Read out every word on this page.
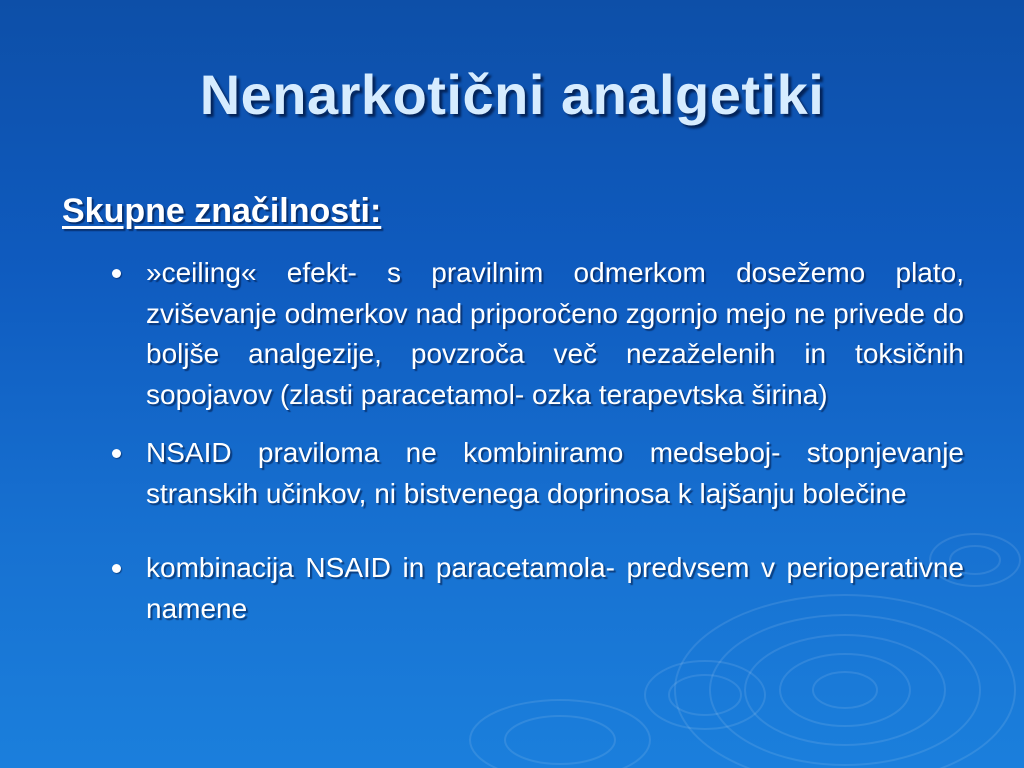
Nenarkotični analgetiki
Skupne značilnosti:
»ceiling« efekt- s pravilnim odmerkom dosežemo plato, zviševanje odmerkov nad priporočeno zgornjo mejo ne privede do boljše analgezije, povzroča več nezaželenih in toksičnih sopojavov (zlasti paracetamol- ozka terapevtska širina)
NSAID praviloma ne kombiniramo medseboj- stopnjevanje stranskih učinkov, ni bistvenega doprinosa k lajšanju bolečine
kombinacija NSAID in paracetamola- predvsem v perioperativne namene
